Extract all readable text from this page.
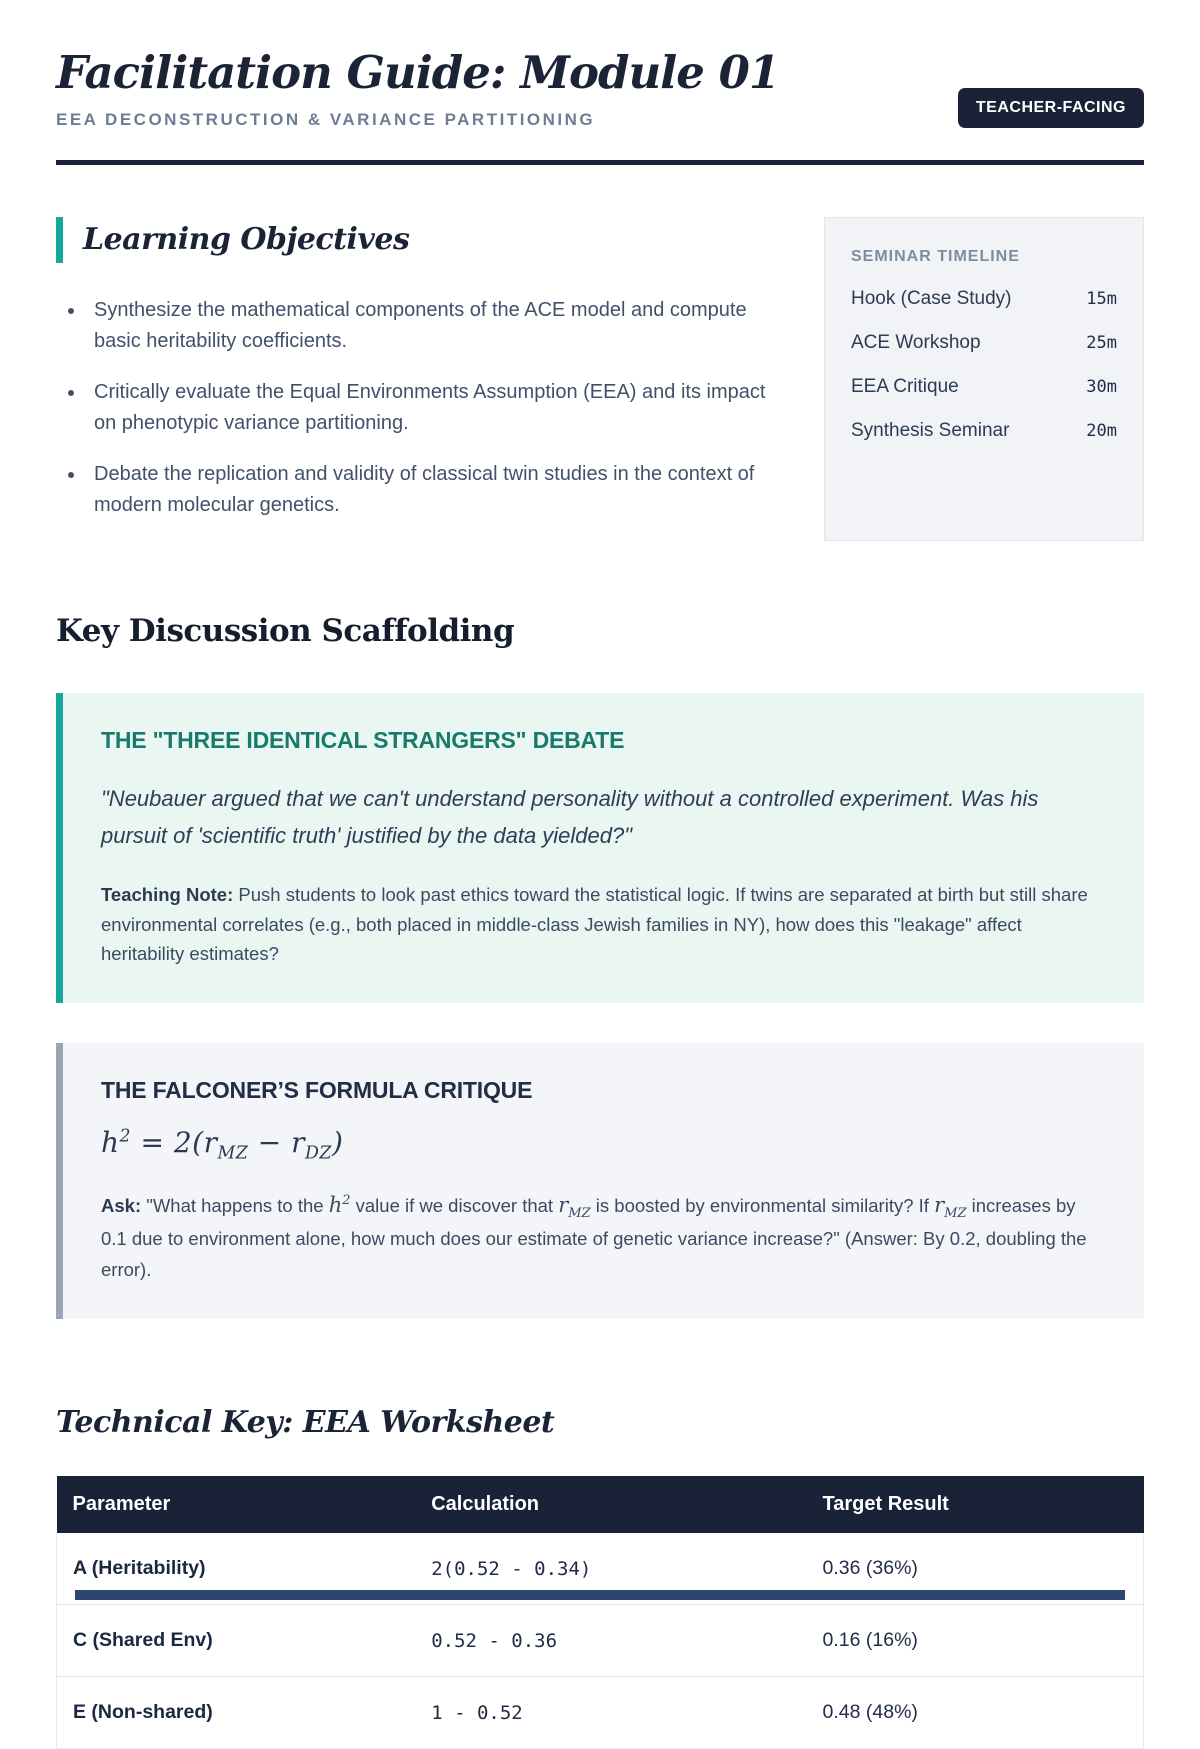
Facilitation Guide: Module 01
EEA DECONSTRUCTION & VARIANCE PARTITIONING
TEACHER-FACING
Learning Objectives
• Synthesize the mathematical components of the ACE model and compute basic heritability coefficients.
• Critically evaluate the Equal Environments Assumption (EEA) and its impact on phenotypic variance partitioning.
• Debate the replication and validity of classical twin studies in the context of modern molecular genetics.
SEMINAR TIMELINE
Hook (Case Study)	15m
ACE Workshop	25m
EEA Critique	30m
Synthesis Seminar	20m
Key Discussion Scaffolding
THE "THREE IDENTICAL STRANGERS" DEBATE
"Neubauer argued that we can't understand personality without a controlled experiment. Was his pursuit of 'scientific truth' justified by the data yielded?"
Teaching Note: Push students to look past ethics toward the statistical logic. If twins are separated at birth but still share environmental correlates (e.g., both placed in middle-class Jewish families in NY), how does this "leakage" affect heritability estimates?
THE FALCONER’S FORMULA CRITIQUE
$h^2 = 2(r_{MZ} - r_{DZ})$
Ask: "What happens to the $h^2$ value if we discover that $r_{MZ}$ is boosted by environmental similarity? If $r_{MZ}$ increases by 0.1 due to environment alone, how much does our estimate of genetic variance increase?" (Answer: By 0.2, doubling the error).
Technical Key: EEA Worksheet
Parameter	Calculation	Target Result
A (Heritability)	2(0.52 - 0.34)	0.36 (36%)
C (Shared Env)	0.52 - 0.36	0.16 (16%)
E (Non-shared)	1 - 0.52	0.48 (48%)
